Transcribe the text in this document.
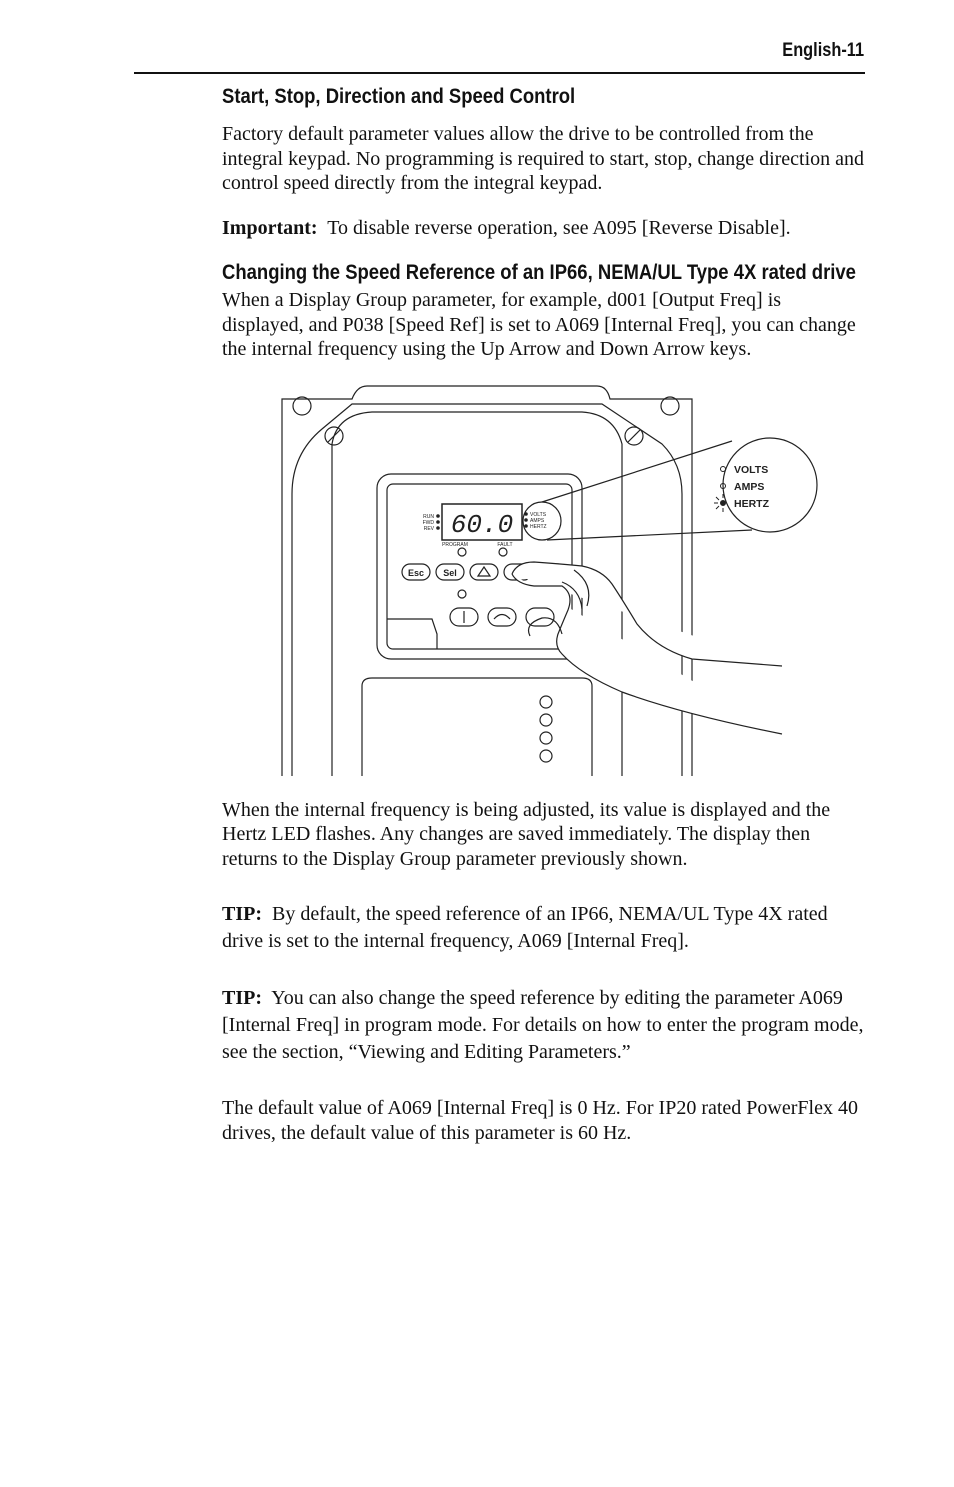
English-11
Start, Stop, Direction and Speed Control

Factory default parameter values allow the drive to be controlled from the integral keypad. No programming is required to start, stop, change direction and control speed directly from the integral keypad.

Important: To disable reverse operation, see A095 [Reverse Disable].

Changing the Speed Reference of an IP66, NEMA/UL Type 4X rated drive

When a Display Group parameter, for example, d001 [Output Freq] is displayed, and P038 [Speed Ref] is set to A069 [Internal Freq], you can change the internal frequency using the Up Arrow and Down Arrow keys.

60.0
RUN
FWD
REV
VOLTS
AMPS
HERTZ
PROGRAM	FAULT
Esc Sel
VOLTS
AMPS
HERTZ

When the internal frequency is being adjusted, its value is displayed and the Hertz LED flashes. Any changes are saved immediately. The display then returns to the Display Group parameter previously shown.

TIP: By default, the speed reference of an IP66, NEMA/UL Type 4X rated drive is set to the internal frequency, A069 [Internal Freq].

TIP: You can also change the speed reference by editing the parameter A069 [Internal Freq] in program mode. For details on how to enter the program mode, see the section, “Viewing and Editing Parameters.”

The default value of A069 [Internal Freq] is 0 Hz. For IP20 rated PowerFlex 40 drives, the default value of this parameter is 60 Hz.
